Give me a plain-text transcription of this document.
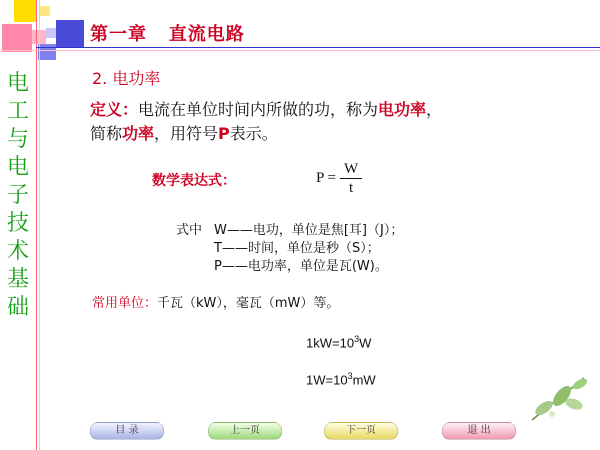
第一章   直流电路
电工与电子技术基础
2. 电功率
定义：电流在单位时间内所做的功，称为电功率，
简称功率，用符号P表示。
数学表达式：	$P = \frac{W}{t}$
式中 W——电功，单位是焦[耳]（J）；
T——时间，单位是秒（S）；
P——电功率，单位是瓦(W)。
常用单位：千瓦（kW），毫瓦（mW）等。
$1kW=10^3W$
$1W=10^3mW$
目 录	上一页	下一页	退 出
